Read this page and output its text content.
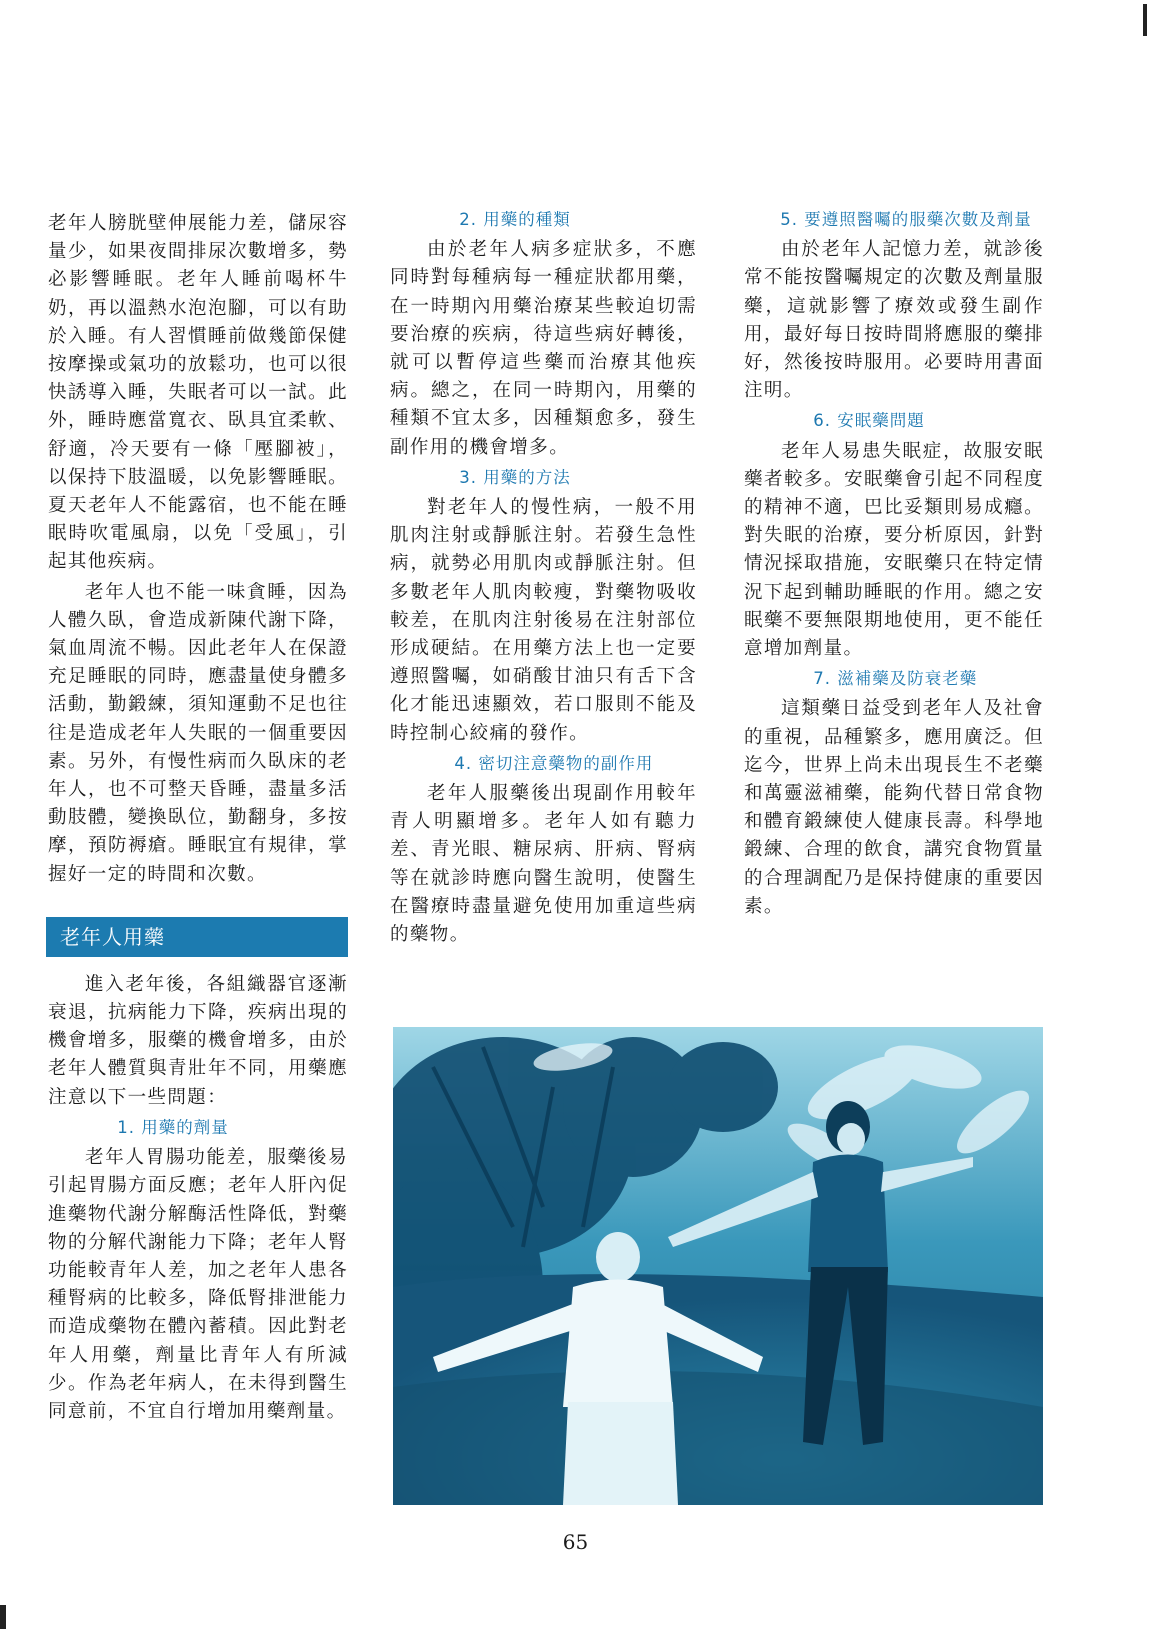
老年人膀胱壁伸展能力差，儲尿容量少，如果夜間排尿次數增多，勢必影響睡眠。老年人睡前喝杯牛奶，再以溫熱水泡泡腳，可以有助於入睡。有人習慣睡前做幾節保健按摩操或氣功的放鬆功，也可以很快誘導入睡，失眠者可以一試。此外，睡時應當寬衣、臥具宜柔軟、舒適，冷天要有一條「壓腳被」，以保持下肢溫暖，以免影響睡眠。夏天老年人不能露宿，也不能在睡眠時吹電風扇，以免「受風」，引起其他疾病。

老年人也不能一味貪睡，因為人體久臥，會造成新陳代謝下降，氣血周流不暢。因此老年人在保證充足睡眠的同時，應盡量使身體多活動，勤鍛練，須知運動不足也往往是造成老年人失眠的一個重要因素。另外，有慢性病而久臥床的老年人，也不可整天昏睡，盡量多活動肢體，變換臥位，勤翻身，多按摩，預防褥瘡。睡眠宜有規律，掌握好一定的時間和次數。

老年人用藥

進入老年後，各組織器官逐漸衰退，抗病能力下降，疾病出現的機會增多，服藥的機會增多，由於老年人體質與青壯年不同，用藥應注意以下一些問題：

1. 用藥的劑量

老年人胃腸功能差，服藥後易引起胃腸方面反應；老年人肝內促進藥物代謝分解酶活性降低，對藥物的分解代謝能力下降；老年人腎功能較青年人差，加之老年人患各種腎病的比較多，降低腎排泄能力而造成藥物在體內蓄積。因此對老年人用藥，劑量比青年人有所減少。作為老年病人，在未得到醫生同意前，不宜自行增加用藥劑量。

2. 用藥的種類

由於老年人病多症狀多，不應同時對每種病每一種症狀都用藥，在一時期內用藥治療某些較迫切需要治療的疾病，待這些病好轉後，就可以暫停這些藥而治療其他疾病。總之，在同一時期內，用藥的種類不宜太多，因種類愈多，發生副作用的機會增多。

3. 用藥的方法

對老年人的慢性病，一般不用肌肉注射或靜脈注射。若發生急性病，就勢必用肌肉或靜脈注射。但多數老年人肌肉較瘦，對藥物吸收較差，在肌肉注射後易在注射部位形成硬結。在用藥方法上也一定要遵照醫囑，如硝酸甘油只有舌下含化才能迅速顯效，若口服則不能及時控制心絞痛的發作。

4. 密切注意藥物的副作用

老年人服藥後出現副作用較年青人明顯增多。老年人如有聽力差、青光眼、糖尿病、肝病、腎病等在就診時應向醫生說明，使醫生在醫療時盡量避免使用加重這些病的藥物。

5. 要遵照醫囑的服藥次數及劑量

由於老年人記憶力差，就診後常不能按醫囑規定的次數及劑量服藥，這就影響了療效或發生副作用，最好每日按時間將應服的藥排好，然後按時服用。必要時用書面注明。

6. 安眠藥問題

老年人易患失眠症，故服安眠藥者較多。安眠藥會引起不同程度的精神不適，巴比妥類則易成癮。對失眠的治療，要分析原因，針對情況採取措施，安眠藥只在特定情況下起到輔助睡眠的作用。總之安眠藥不要無限期地使用，更不能任意增加劑量。

7. 滋補藥及防衰老藥

這類藥日益受到老年人及社會的重視，品種繁多，應用廣泛。但迄今，世界上尚未出現長生不老藥和萬靈滋補藥，能夠代替日常食物和體育鍛練使人健康長壽。科學地鍛練、合理的飲食，講究食物質量的合理調配乃是保持健康的重要因素。

65
